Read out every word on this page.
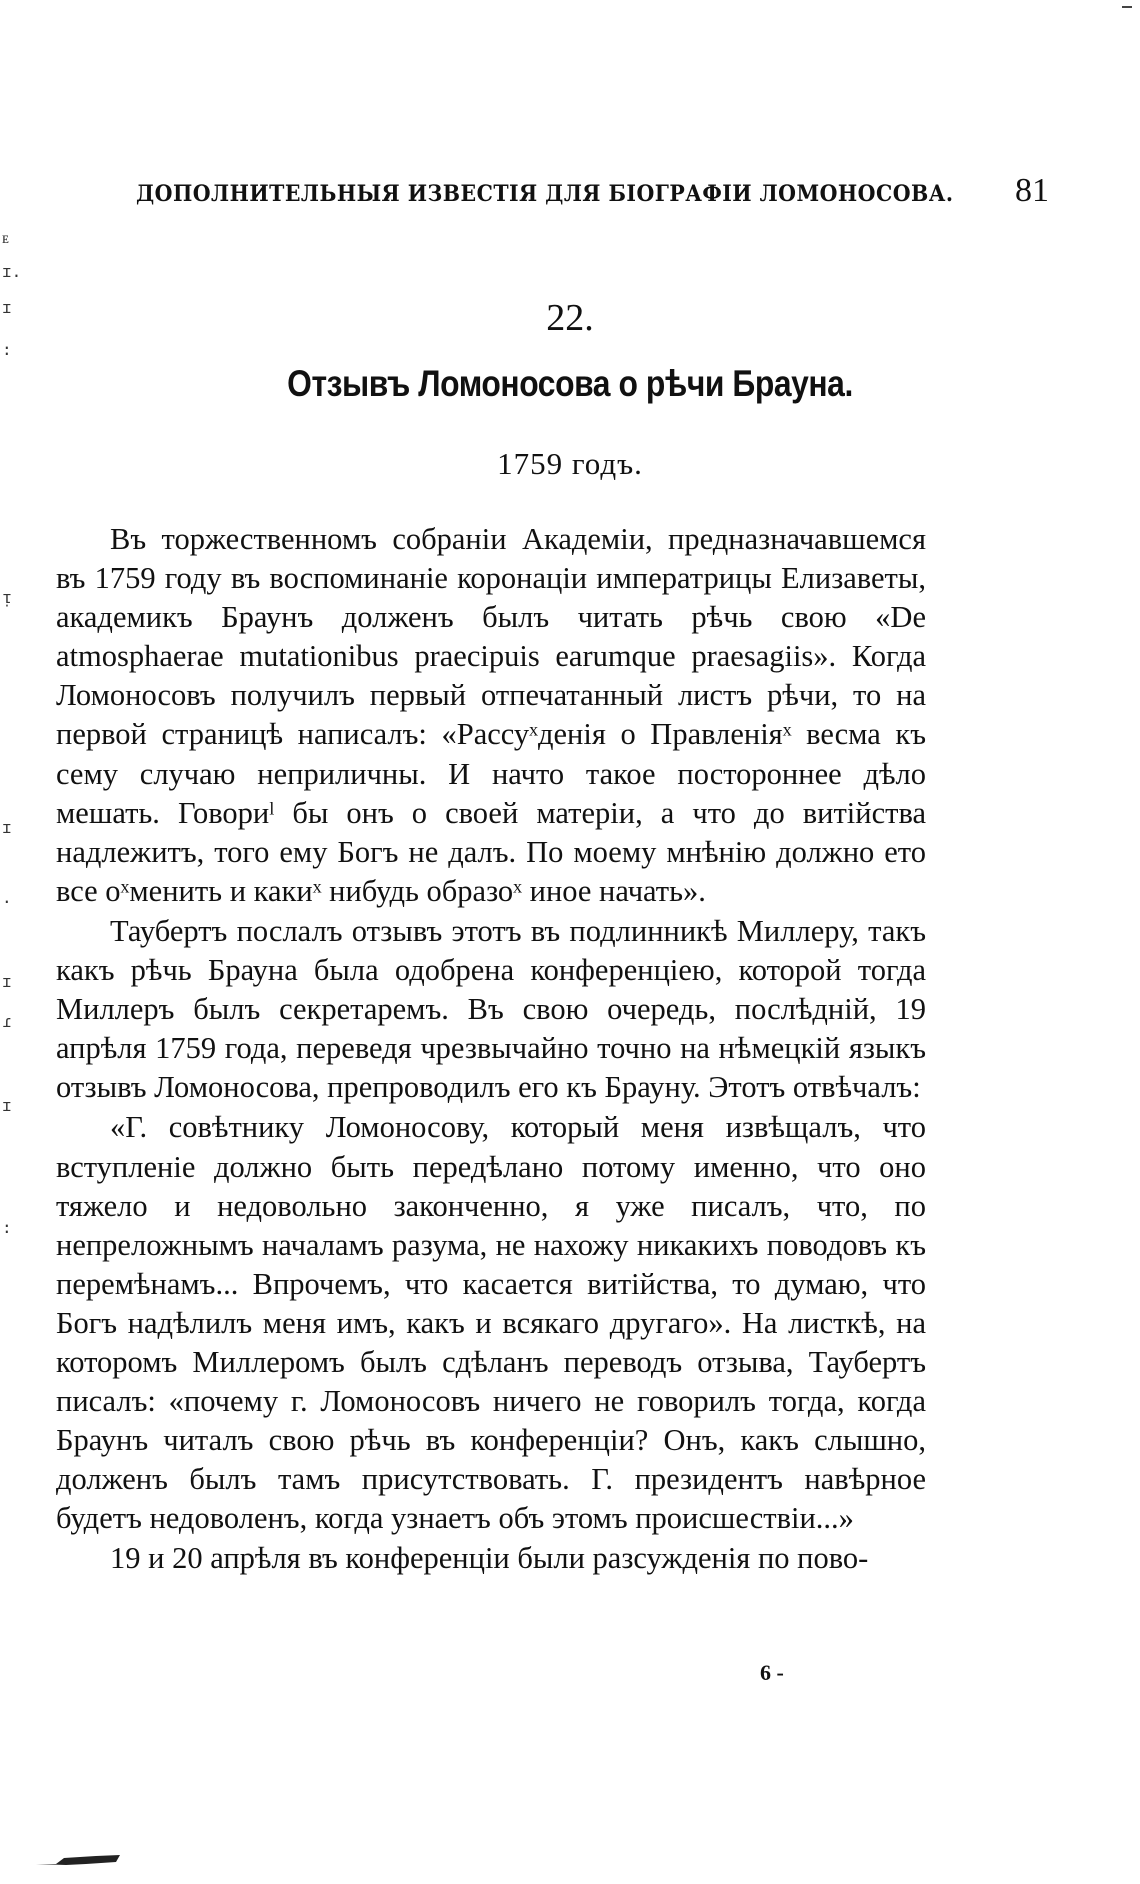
ᴇ
ɪ.
ɪ
:
ᴉ
ɪ
.
ɪ
ɾ
ɪ
:
ДОПОЛНИТЕЛЬНЫЯ ИЗВЕСТІЯ ДЛЯ БІОГРАФІИ ЛОМОНОСОВА. 81
22.
Отзывъ Ломоносова о рѣчи Брауна.
1759 годъ.

Въ торжественномъ собраніи Академіи, предназначавшемся въ 1759 году въ воспоминаніе коронаціи императрицы Елизаветы, академикъ Браунъ долженъ былъ читать рѣчь свою «De atmosphaerae mutationibus praecipuis earumque praesagiis». Когда Ломоносовъ получилъ первый отпечатанный листъ рѣчи, то на первой страницѣ написалъ: «Рассуˣденія о Правленіяˣ весма къ сему случаю неприличны. И начто такое постороннее дѣло мешать. Говориˡ бы онъ о своей матеріи, а что до витійства надлежитъ, того ему Богъ не далъ. По моему мнѣнію должно ето все оˣменить и какиˣ нибудь образоˣ иное начать».

Таубертъ послалъ отзывъ этотъ въ подлинникѣ Миллеру, такъ какъ рѣчь Брауна была одобрена конференціею, которой тогда Миллеръ былъ секретаремъ. Въ свою очередь, послѣдній, 19 апрѣля 1759 года, переведя чрезвычайно точно на нѣмецкій языкъ отзывъ Ломоносова, препроводилъ его къ Брауну. Этотъ отвѣчалъ:

«Г. совѣтнику Ломоносову, который меня извѣщалъ, что вступленіе должно быть передѣлано потому именно, что оно тяжело и недовольно законченно, я уже писалъ, что, по непреложнымъ началамъ разума, не нахожу никакихъ поводовъ къ перемѣнамъ... Впрочемъ, что касается витійства, то думаю, что Богъ надѣлилъ меня имъ, какъ и всякаго другаго». На листкѣ, на которомъ Миллеромъ былъ сдѣланъ переводъ отзыва, Таубертъ писалъ: «почему г. Ломоносовъ ничего не говорилъ тогда, когда Браунъ читалъ свою рѣчь въ конференціи? Онъ, какъ слышно, долженъ былъ тамъ присутствовать. Г. президентъ навѣрное будетъ недоволенъ, когда узнаетъ объ этомъ происшествіи...»

19 и 20 апрѣля въ конференціи были разсужденія по пово-

6 -
